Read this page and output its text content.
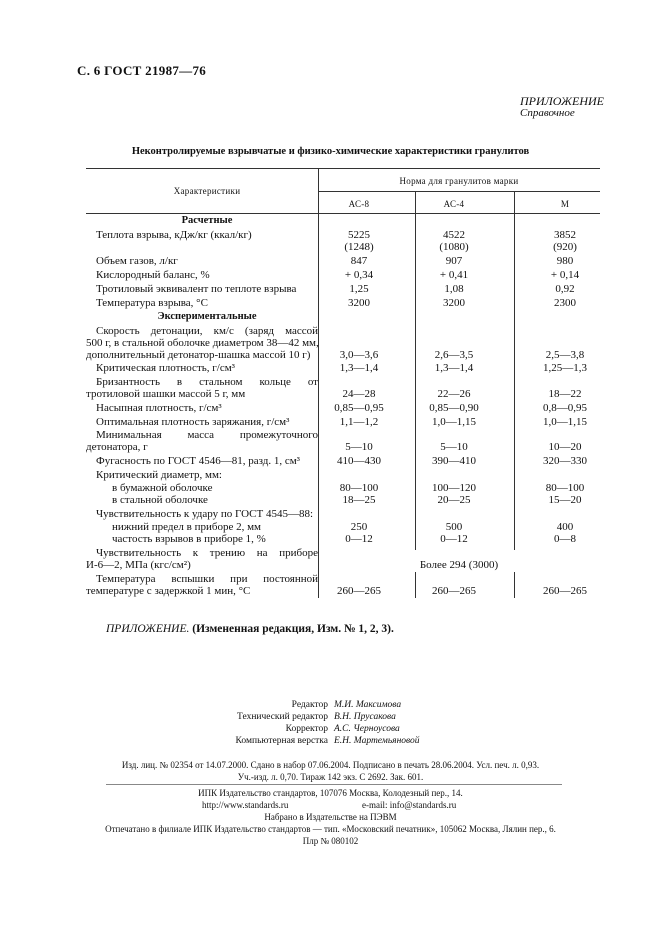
С. 6 ГОСТ 21987—76
ПРИЛОЖЕНИЕ
Справочное
Неконтролируемые взрывчатые и физико-химические характеристики гранулитов
Характеристики
Норма для гранулитов марки
АС-8	АС-4	М
Расчетные
Теплота взрыва, кДж/кг (ккал/кг)	5225	4522	3852
(1248)	(1080)	(920)
Объем газов, л/кг	847	907	980
Кислородный баланс, %	+ 0,34	+ 0,41	+ 0,14
Тротиловый эквивалент по теплоте взрыва	1,25	1,08	0,92
Температура взрыва, °С	3200	3200	2300
Экспериментальные
Скорость детонации, км/с (заряд массой
500 г, в стальной оболочке диаметром 38—42 мм,
дополнительный детонатор-шашка массой 10 г)	3,0—3,6	2,6—3,5	2,5—3,8
Критическая плотность, г/см³	1,3—1,4	1,3—1,4	1,25—1,3
Бризантность в стальном кольце от
тротиловой шашки массой 5 г, мм	24—28	22—26	18—22
Насыпная плотность, г/см³	0,85—0,95	0,85—0,90	0,8—0,95
Оптимальная плотность заряжания, г/см³	1,1—1,2	1,0—1,15	1,0—1,15
Минимальная масса промежуточного
детонатора, г	5—10	5—10	10—20
Фугасность по ГОСТ 4546—81, разд. 1, см³	410—430	390—410	320—330
Критический диаметр, мм:
в бумажной оболочке	80—100	100—120	80—100
в стальной оболочке	18—25	20—25	15—20
Чувствительность к удару по ГОСТ 4545—88:
нижний предел в приборе 2, мм	250	500	400
частость взрывов в приборе 1, %	0—12	0—12	0—8
Чувствительность к трению на приборе
И-6—2, МПа (кгс/см²)	Более 294 (3000)
Температура вспышки при постоянной
температуре с задержкой 1 мин, °С	260—265	260—265	260—265
ПРИЛОЖЕНИЕ. (Измененная редакция, Изм. № 1, 2, 3).
Редактор М.И. Максимова
Технический редактор В.Н. Прусакова
Корректор А.С. Черноусова
Компьютерная верстка Е.Н. Мартемьяновой
Изд. лиц. № 02354 от 14.07.2000. Сдано в набор 07.06.2004. Подписано в печать 28.06.2004. Усл. печ. л. 0,93.
Уч.-изд. л. 0,70. Тираж 142 экз. С 2692. Зак. 601.
ИПК Издательство стандартов, 107076 Москва, Колодезный пер., 14.
http://www.standards.ru	e-mail: info@standards.ru
Набрано в Издательстве на ПЭВМ
Отпечатано в филиале ИПК Издательство стандартов — тип. «Московский печатник», 105062 Москва, Лялин пер., 6.
Плр № 080102
